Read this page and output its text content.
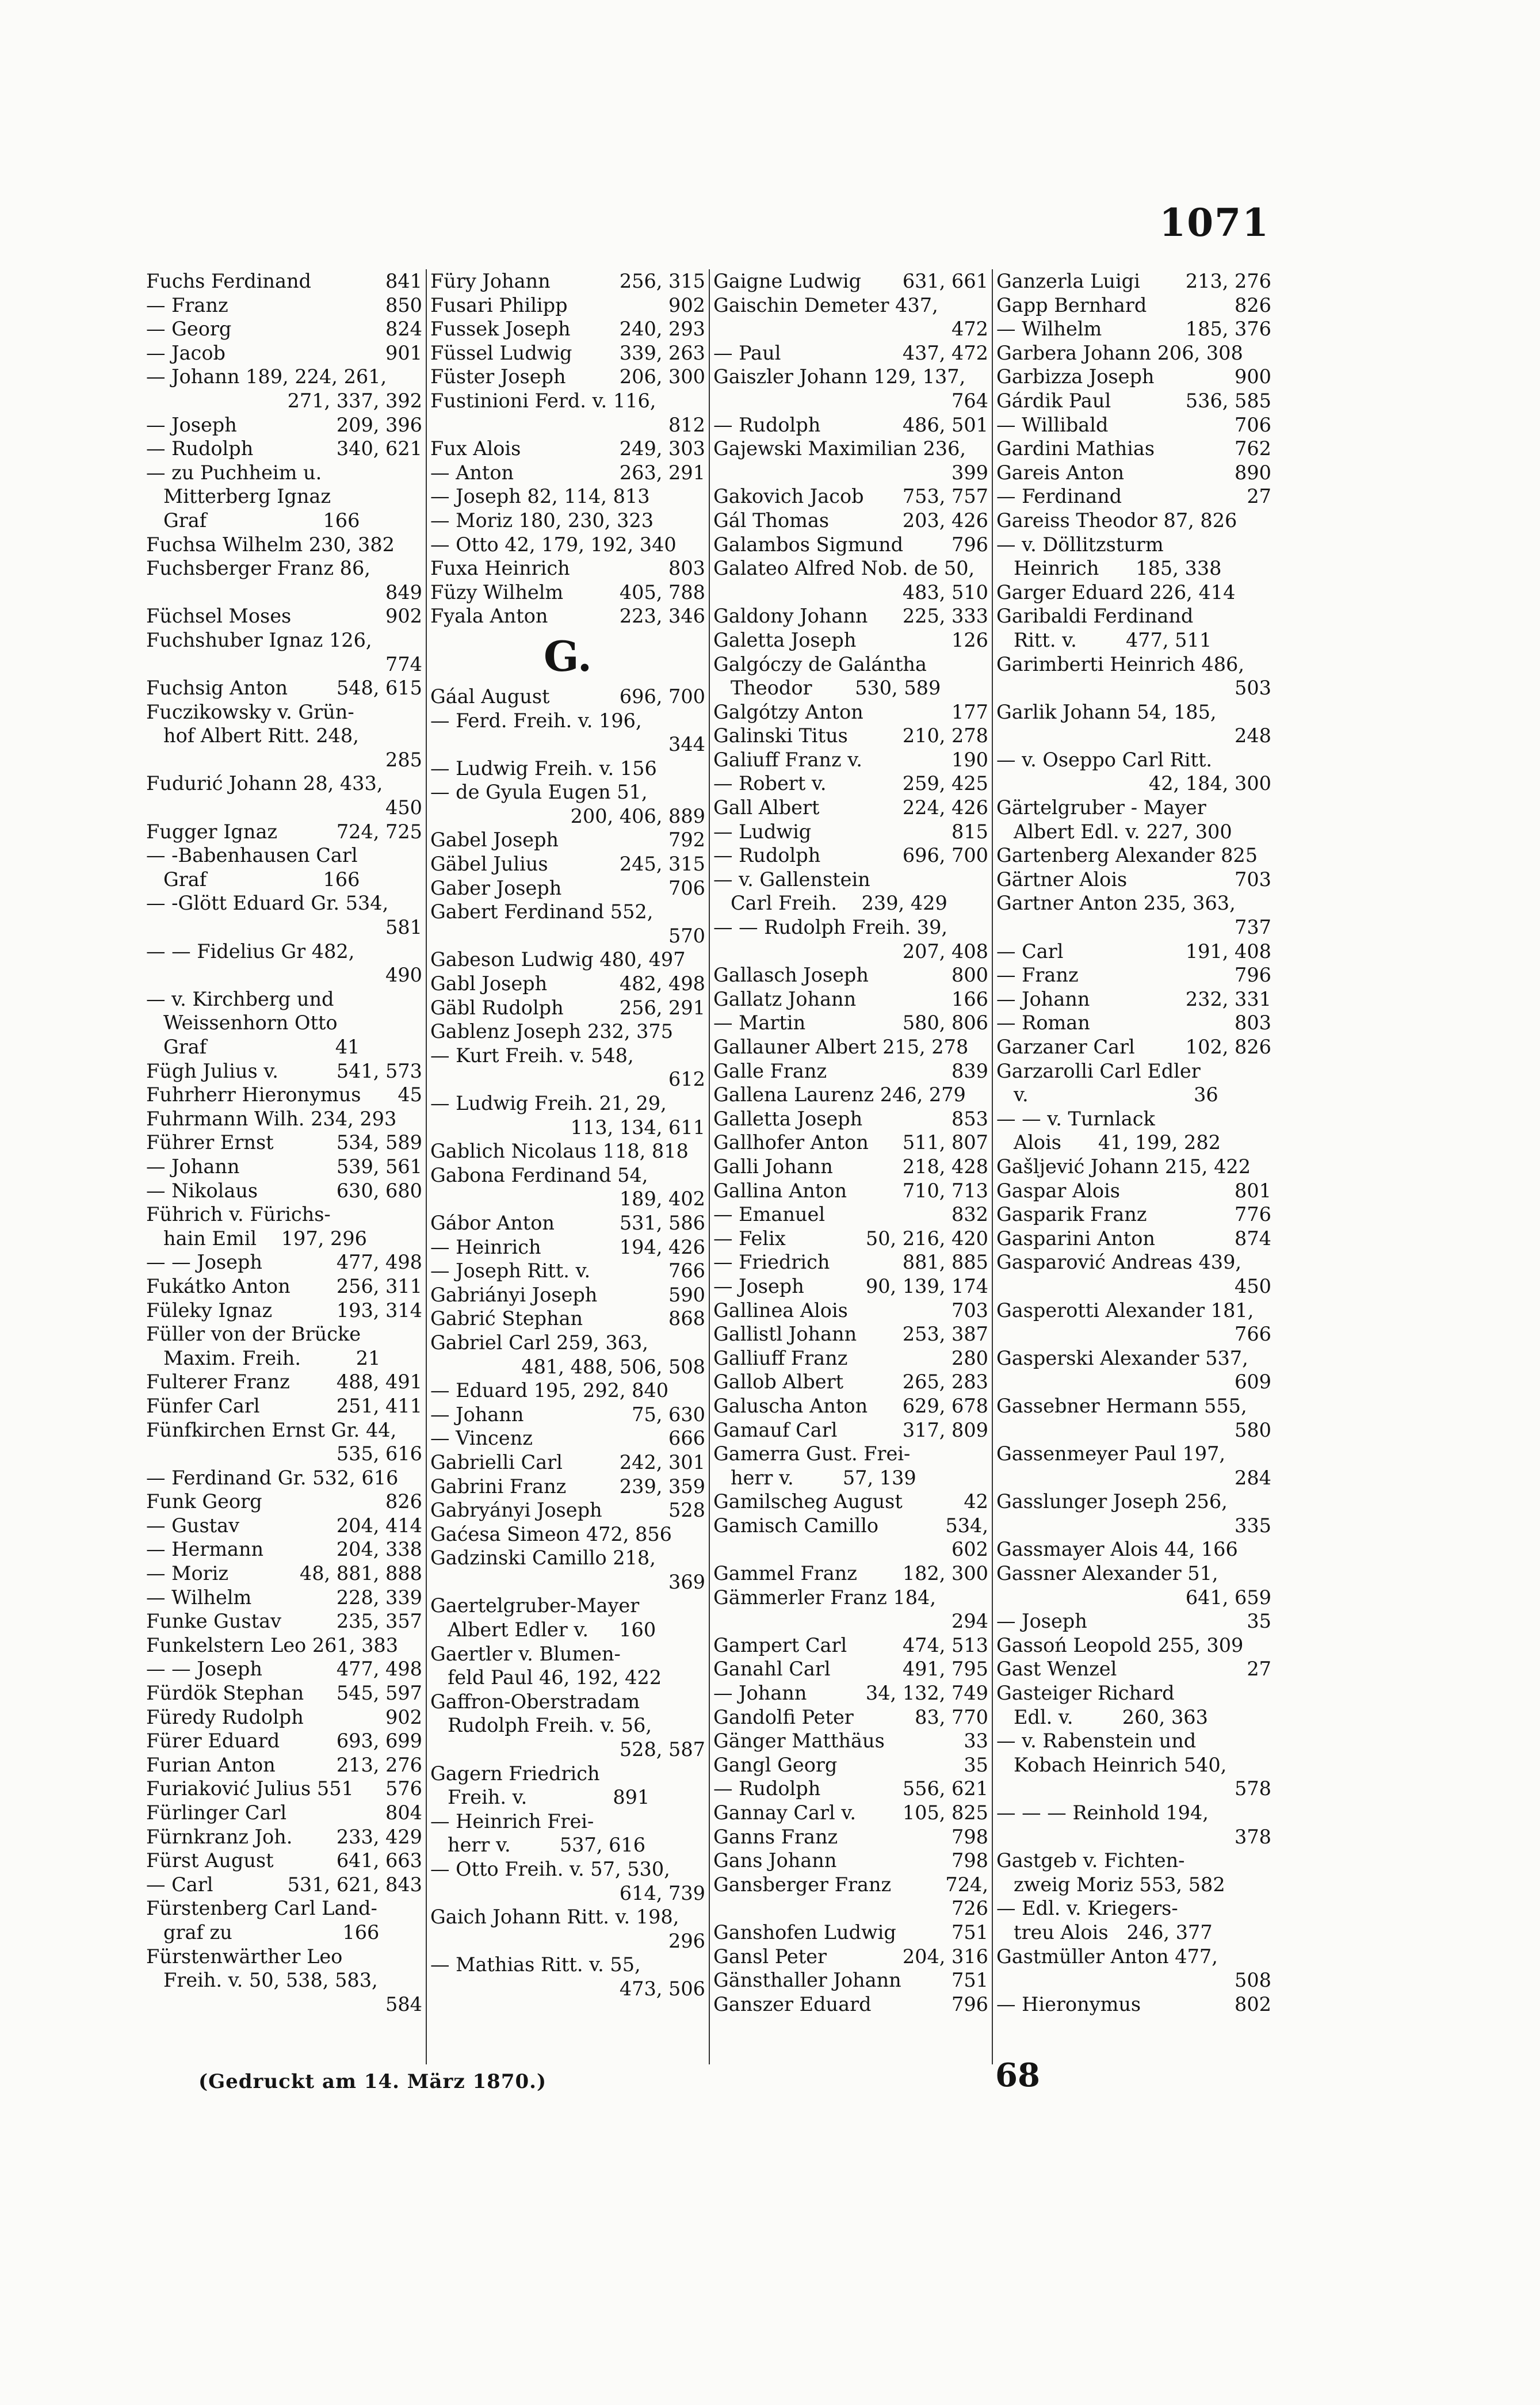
1071
Fuchs Ferdinand	841
— Franz	850
— Georg	824
— Jacob	901
— Johann 189, 224, 261,
271, 337, 392
— Joseph	209, 396
— Rudolph	340, 621
— zu Puchheim u.
Mitterberg Ignaz
Graf                   166
Fuchsa Wilhelm 230, 382
Fuchsberger Franz 86,
849
Füchsel Moses	902
Fuchshuber Ignaz 126,
774
Fuchsig Anton	548, 615
Fuczikowsky v. Grün-
hof Albert Ritt. 248,
285
Fudurić Johann 28, 433,
450
Fugger Ignaz	724, 725
— -Babenhausen Carl
Graf                   166
— -Glött Eduard Gr. 534,
581
— — Fidelius Gr 482,
490
— v. Kirchberg und
Weissenhorn Otto
Graf                     41
Fügh Julius v.	541, 573
Fuhrherr Hieronymus 45
Fuhrmann Wilh. 234, 293
Führer Ernst	534, 589
— Johann	539, 561
— Nikolaus	630, 680
Führich v. Fürichs-
hain Emil    197, 296
— — Joseph	477, 498
Fukátko Anton 256, 311
Füleky Ignaz	193, 314
Füller von der Brücke
Maxim. Freih.         21
Fulterer Franz 488, 491
Fünfer Carl	251, 411
Fünfkirchen Ernst Gr. 44,
535, 616
— Ferdinand Gr. 532, 616
Funk Georg	826
— Gustav	204, 414
— Hermann	204, 338
— Moriz	48, 881, 888
— Wilhelm	228, 339
Funke Gustav	235, 357
Funkelstern Leo 261, 383
— — Joseph	477, 498
Fürdök Stephan 545, 597
Füredy Rudolph	902
Fürer Eduard	693, 699
Furian Anton	213, 276
Furiaković Julius 551 576
Fürlinger Carl	804
Fürnkranz Joh. 233, 429
Fürst August	641, 663
— Carl	531, 621, 843
Fürstenberg Carl Land-
graf zu                  166
Fürstenwärther Leo
Freih. v. 50, 538, 583,
584
Füry Johann	256, 315
Fusari Philipp	902
Fussek Joseph	240, 293
Füssel Ludwig 339, 263
Füster Joseph	206, 300
Fustinioni Ferd. v. 116,
812
Fux Alois	249, 303
— Anton	263, 291
— Joseph 82, 114, 813
— Moriz 180, 230, 323
— Otto 42, 179, 192, 340
Fuxa Heinrich	803
Füzy Wilhelm	405, 788
Fyala Anton	223, 346
G.
Gáal August	696, 700
— Ferd. Freih. v. 196,
344
— Ludwig Freih. v. 156
— de Gyula Eugen 51,
200, 406, 889
Gabel Joseph	792
Gäbel Julius	245, 315
Gaber Joseph	706
Gabert Ferdinand 552,
570
Gabeson Ludwig 480, 497
Gabl Joseph	482, 498
Gäbl Rudolph	256, 291
Gablenz Joseph 232, 375
— Kurt Freih. v. 548,
612
— Ludwig Freih. 21, 29,
113, 134, 611
Gablich Nicolaus 118, 818
Gabona Ferdinand 54,
189, 402
Gábor Anton	531, 586
— Heinrich	194, 426
— Joseph Ritt. v.	766
Gabriányi Joseph	590
Gabrić Stephan	868
Gabriel Carl 259, 363,
481, 488, 506, 508
— Eduard 195, 292, 840
— Johann	75, 630
— Vincenz	666
Gabrielli Carl	242, 301
Gabrini Franz	239, 359
Gabryányi Joseph	528
Gaćesa Simeon 472, 856
Gadzinski Camillo 218,
369
Gaertelgruber-Mayer
Albert Edler v.     160
Gaertler v. Blumen-
feld Paul 46, 192, 422
Gaffron-Oberstradam
Rudolph Freih. v. 56,
528, 587
Gagern Friedrich
Freih. v.              891
— Heinrich Frei-
herr v.        537, 616
— Otto Freih. v. 57, 530,
614, 739
Gaich Johann Ritt. v. 198,
296
— Mathias Ritt. v. 55,
473, 506
Gaigne Ludwig 631, 661
Gaischin Demeter 437,
472
— Paul	437, 472
Gaiszler Johann 129, 137,
764
— Rudolph	486, 501
Gajewski Maximilian 236,
399
Gakovich Jacob 753, 757
Gál Thomas	203, 426
Galambos Sigmund	796
Galateo Alfred Nob. de 50,
483, 510
Galdony Johann 225, 333
Galetta Joseph	126
Galgóczy de Galántha
Theodor       530, 589
Galgótzy Anton	177
Galinski Titus	210, 278
Galiuff Franz v.	190
— Robert v.	259, 425
Gall Albert	224, 426
— Ludwig	815
— Rudolph	696, 700
— v. Gallenstein
Carl Freih.    239, 429
— — Rudolph Freih. 39,
207, 408
Gallasch Joseph	800
Gallatz Johann	166
— Martin	580, 806
Gallauner Albert 215, 278
Galle Franz	839
Gallena Laurenz 246, 279
Galletta Joseph	853
Gallhofer Anton 511, 807
Galli Johann	218, 428
Gallina Anton	710, 713
— Emanuel	832
— Felix	50, 216, 420
— Friedrich	881, 885
— Joseph	90, 139, 174
Gallinea Alois	703
Gallistl Johann 253, 387
Galliuff Franz	280
Gallob Albert	265, 283
Galuscha Anton 629, 678
Gamauf Carl	317, 809
Gamerra Gust. Frei-
herr v.        57, 139
Gamilscheg August	42
Gamisch Camillo	534,
602
Gammel Franz 182, 300
Gämmerler Franz 184,
294
Gampert Carl	474, 513
Ganahl Carl	491, 795
— Johann	34, 132, 749
Gandolfi Peter	83, 770
Gänger Matthäus	33
Gangl Georg	35
— Rudolph	556, 621
Gannay Carl v. 105, 825
Ganns Franz	798
Gans Johann	798
Gansberger Franz	724,
726
Ganshofen Ludwig	751
Gansl Peter	204, 316
Gänsthaller Johann	751
Ganszer Eduard	796
Ganzerla Luigi 213, 276
Gapp Bernhard	826
— Wilhelm	185, 376
Garbera Johann 206, 308
Garbizza Joseph	900
Gárdik Paul	536, 585
— Willibald	706
Gardini Mathias	762
Gareis Anton	890
— Ferdinand	27
Gareiss Theodor 87, 826
— v. Döllitzsturm
Heinrich      185, 338
Garger Eduard 226, 414
Garibaldi Ferdinand
Ritt. v.        477, 511
Garimberti Heinrich 486,
503
Garlik Johann 54, 185,
248
— v. Oseppo Carl Ritt.
42, 184, 300
Gärtelgruber - Mayer
Albert Edl. v. 227, 300
Gartenberg Alexander 825
Gärtner Alois	703
Gartner Anton 235, 363,
737
— Carl	191, 408
— Franz	796
— Johann	232, 331
— Roman	803
Garzaner Carl	102, 826
Garzarolli Carl Edler
v.                           36
— — v. Turnlack
Alois      41, 199, 282
Gašljević Johann 215, 422
Gaspar Alois	801
Gasparik Franz	776
Gasparini Anton	874
Gasparović Andreas 439,
450
Gasperotti Alexander 181,
766
Gasperski Alexander 537,
609
Gassebner Hermann 555,
580
Gassenmeyer Paul 197,
284
Gasslunger Joseph 256,
335
Gassmayer Alois 44, 166
Gassner Alexander 51,
641, 659
— Joseph	35
Gassoń Leopold 255, 309
Gast Wenzel	27
Gasteiger Richard
Edl. v.        260, 363
— v. Rabenstein und
Kobach Heinrich 540,
578
— — — Reinhold 194,
378
Gastgeb v. Fichten-
zweig Moriz 553, 582
— Edl. v. Kriegers-
treu Alois   246, 377
Gastmüller Anton 477,
508
— Hieronymus	802
(Gedruckt am 14. März 1870.)	68
